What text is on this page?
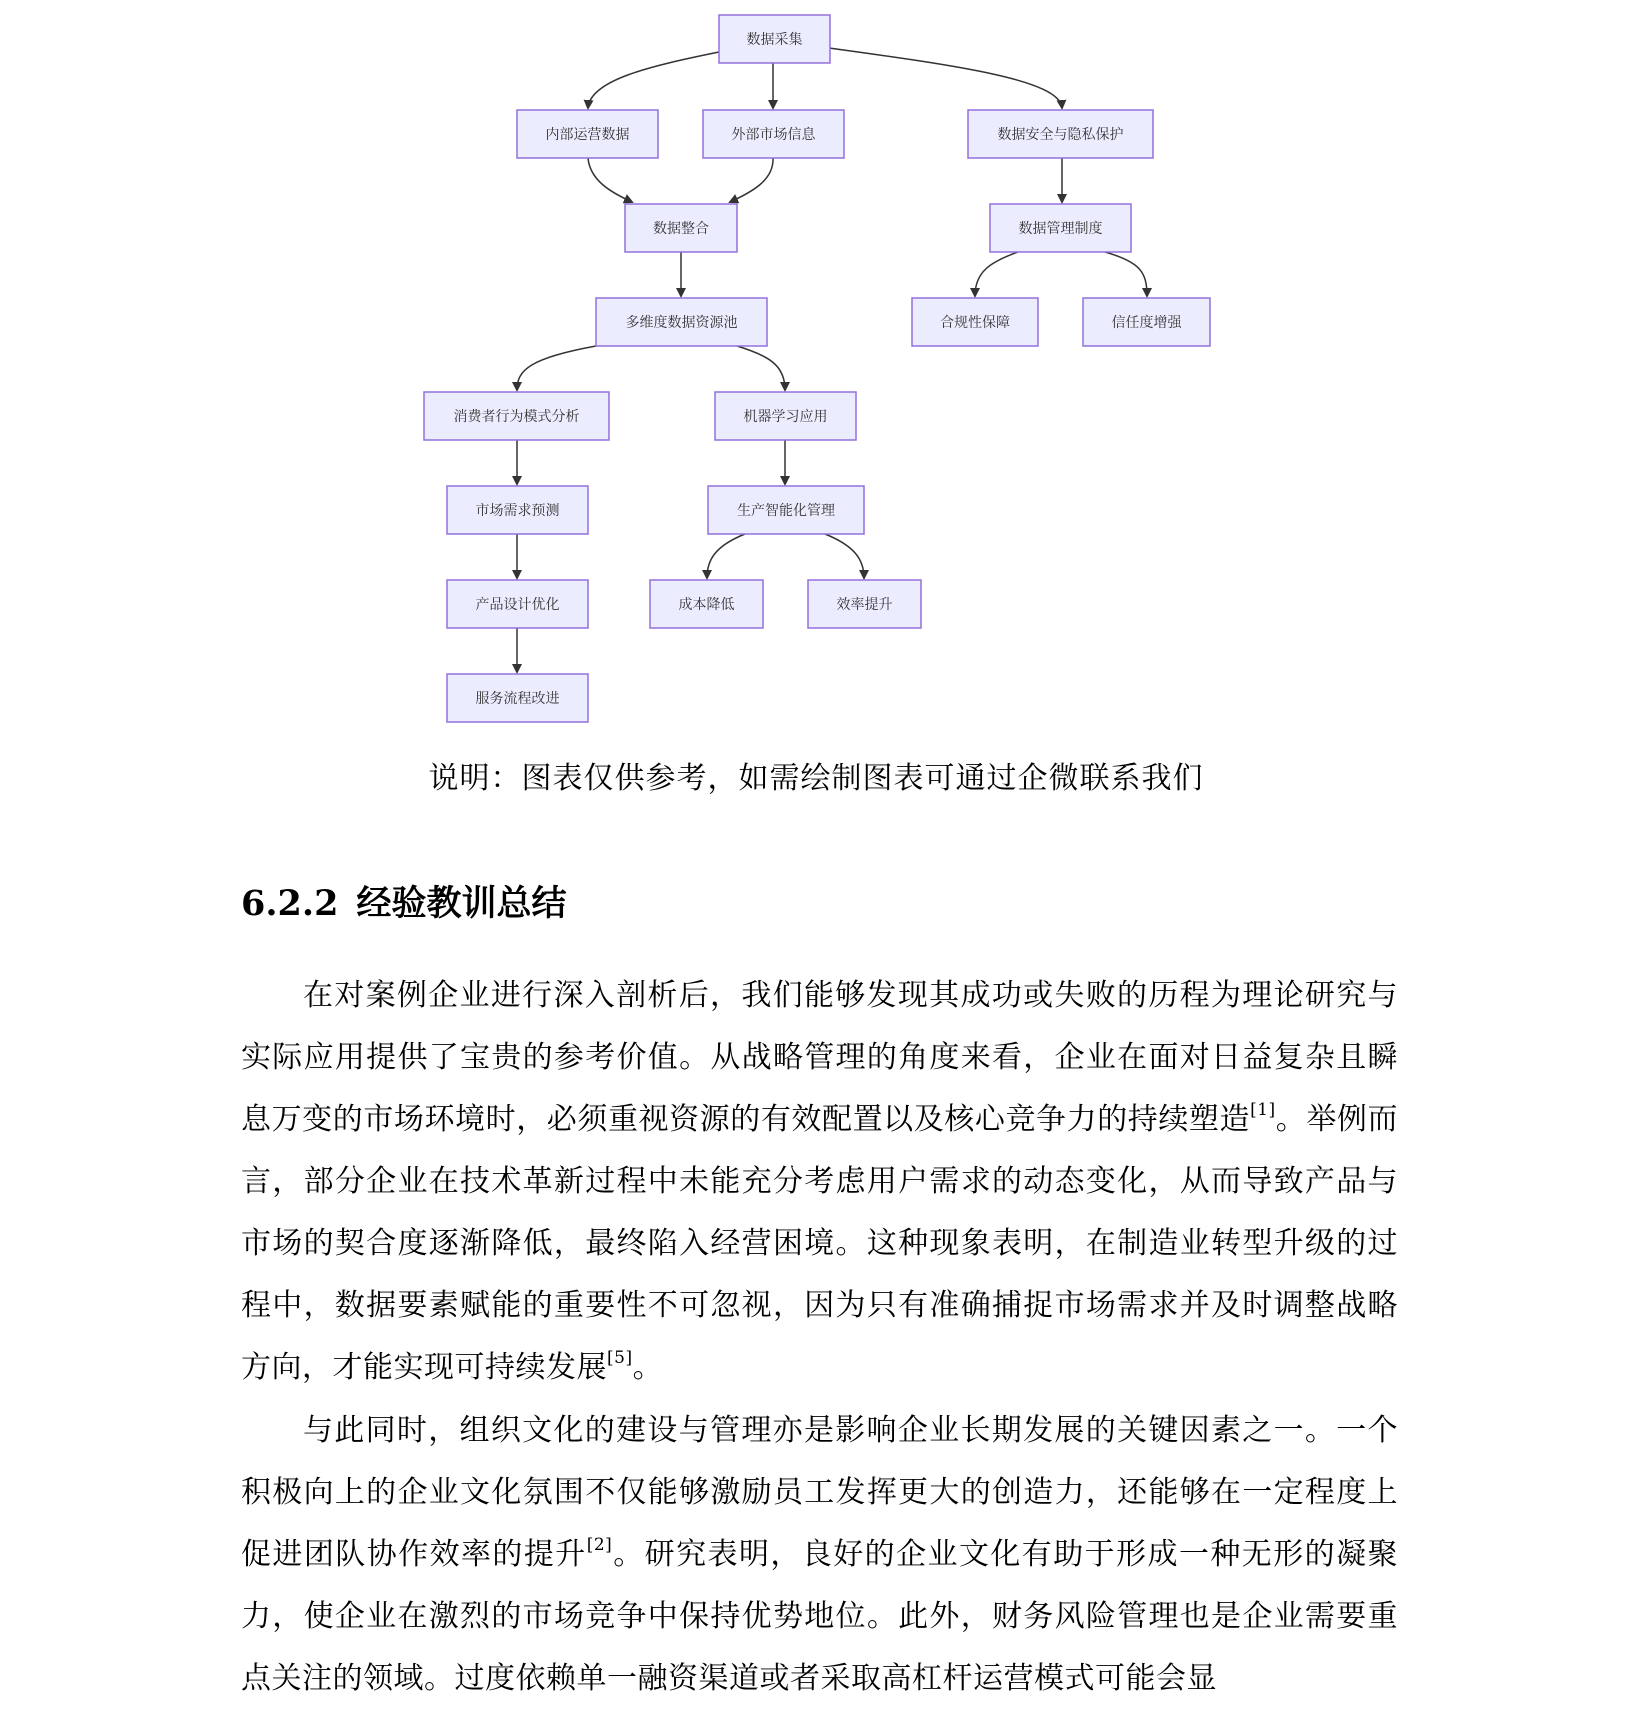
数据采集
内部运营数据	外部市场信息	数据安全与隐私保护
数据整合	数据管理制度
多维度数据资源池	合规性保障	信任度增强
消费者行为模式分析	机器学习应用
市场需求预测	生产智能化管理
产品设计优化	成本降低	效率提升
服务流程改进
说明：图表仅供参考，如需绘制图表可通过企微联系我们
6.2.2 经验教训总结

在对案例企业进行深入剖析后，我们能够发现其成功或失败的历程为理论研究与实际应用提供了宝贵的参考价值。从战略管理的角度来看，企业在面对日益复杂且瞬息万变的市场环境时，必须重视资源的有效配置以及核心竞争力的持续塑造[1]。举例而言，部分企业在技术革新过程中未能充分考虑用户需求的动态变化，从而导致产品与市场的契合度逐渐降低，最终陷入经营困境。这种现象表明，在制造业转型升级的过程中，数据要素赋能的重要性不可忽视，因为只有准确捕捉市场需求并及时调整战略方向，才能实现可持续发展[5]。

与此同时，组织文化的建设与管理亦是影响企业长期发展的关键因素之一。一个积极向上的企业文化氛围不仅能够激励员工发挥更大的创造力，还能够在一定程度上促进团队协作效率的提升[2]。研究表明，良好的企业文化有助于形成一种无形的凝聚力，使企业在激烈的市场竞争中保持优势地位。此外，财务风险管理也是企业需要重点关注的领域。过度依赖单一融资渠道或者采取高杠杆运营模式可能会显
